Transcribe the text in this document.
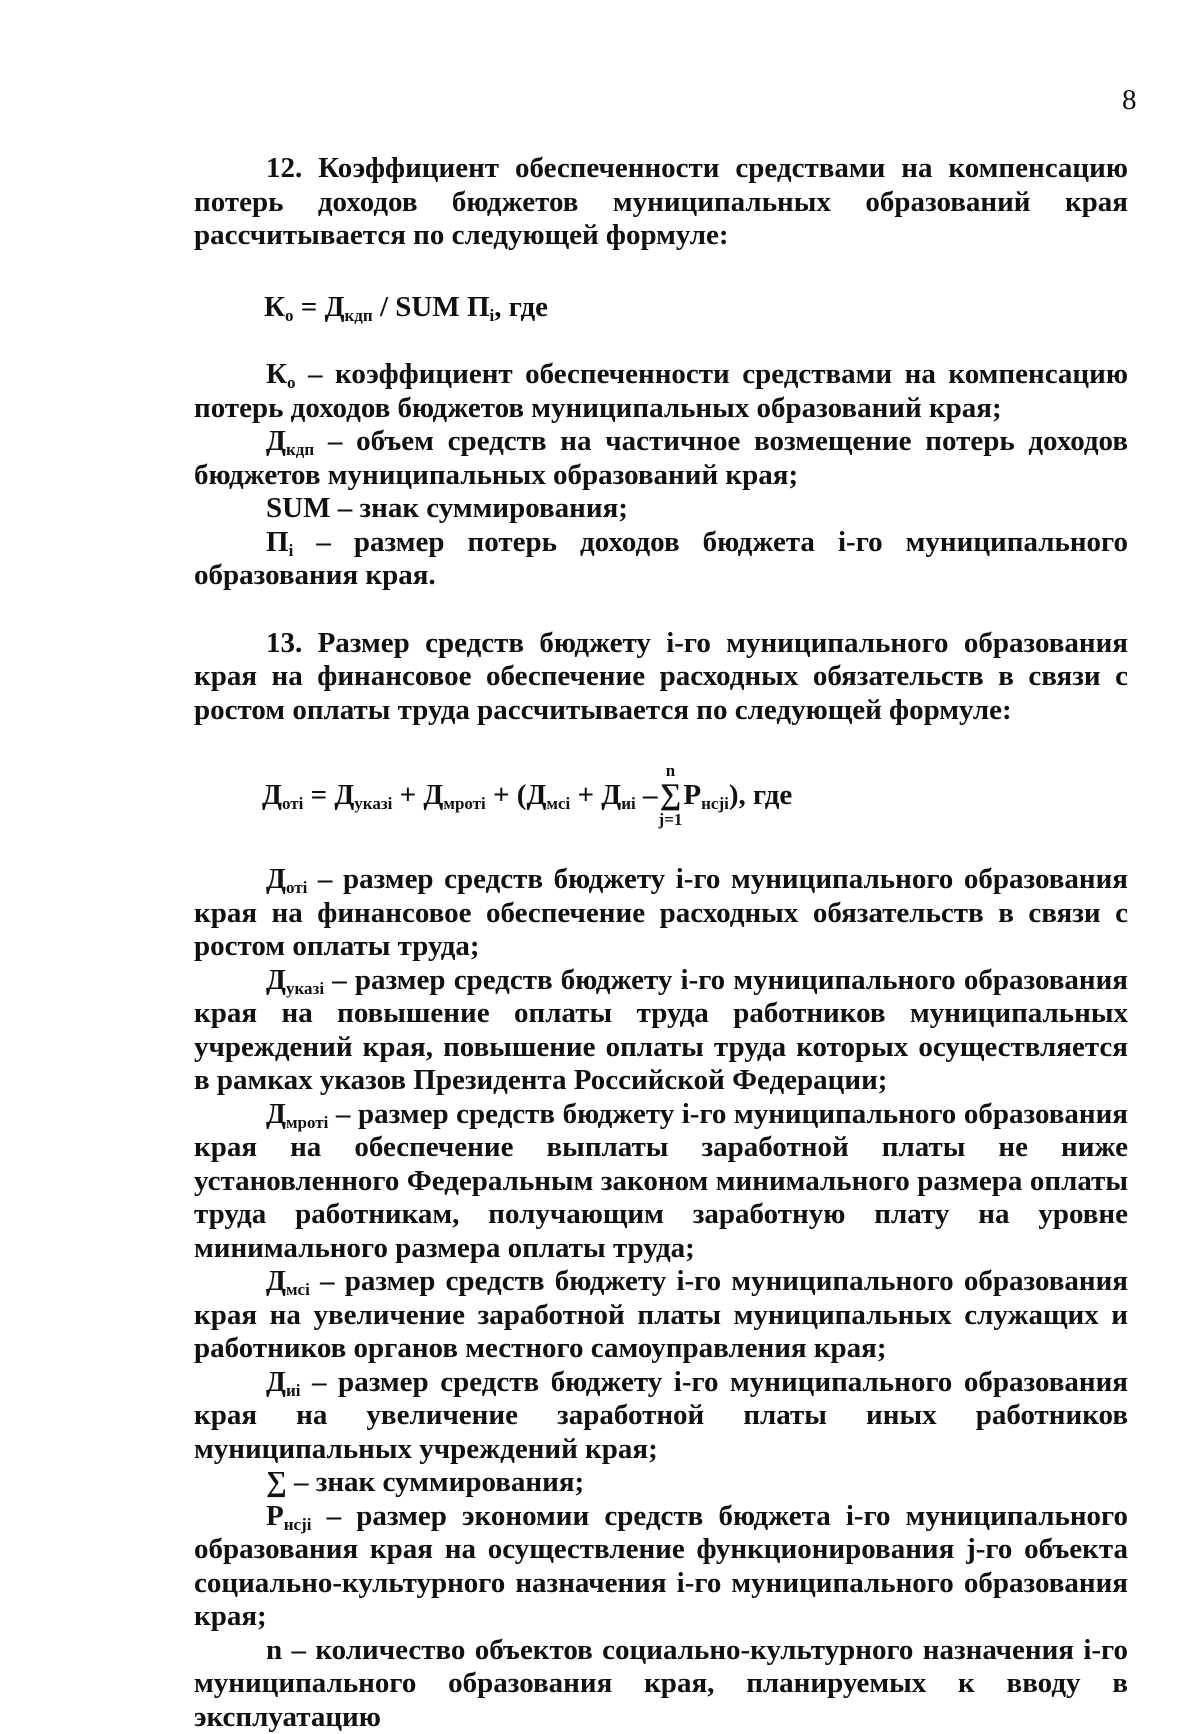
8

12. Коэффициент обеспеченности средствами на компенсацию потерь доходов бюджетов муниципальных образований края рассчитывается по следующей формуле:

$К_о = Д_{кдп}$ / SUM $П_i$, где

$К_о$ – коэффициент обеспеченности средствами на компенсацию потерь доходов бюджетов муниципальных образований края;

$Д_{кдп}$ – объем средств на частичное возмещение потерь доходов бюджетов муниципальных образований края;

SUM – знак суммирования;

$П_i$ – размер потерь доходов бюджета i-го муниципального образования края.

13. Размер средств бюджету i-го муниципального образования края на финансовое обеспечение расходных обязательств в связи с ростом оплаты труда рассчитывается по следующей формуле:

$Д_{отi} = Д_{указi} + Д_{мротi} + (Д_{мсi} + Д_{иi}$ –
n
∑
j=1
$Р_{нсji}$), где

$Д_{отi}$ – размер средств бюджету i-го муниципального образования края на финансовое обеспечение расходных обязательств в связи с ростом оплаты труда;

$Д_{указi}$ – размер средств бюджету i-го муниципального образования края на повышение оплаты труда работников муниципальных учреждений края, повышение оплаты труда которых осуществляется в рамках указов Президента Российской Федерации;

$Д_{мротi}$ – размер средств бюджету i-го муниципального образования края на обеспечение выплаты заработной платы не ниже установленного Федеральным законом минимального размера оплаты труда работникам, получающим заработную плату на уровне минимального размера оплаты труда;

$Д_{мсi}$ – размер средств бюджету i-го муниципального образования края на увеличение заработной платы муниципальных служащих и работников органов местного самоуправления края;

$Д_{иi}$ – размер средств бюджету i-го муниципального образования края на увеличение заработной платы иных работников муниципальных учреждений края;

∑ – знак суммирования;

$Р_{нсji}$ – размер экономии средств бюджета i-го муниципального образования края на осуществление функционирования j-го объекта социально-культурного назначения i-го муниципального образования края;

n – количество объектов социально-культурного назначения i-го муниципального образования края, планируемых к вводу в эксплуатацию
